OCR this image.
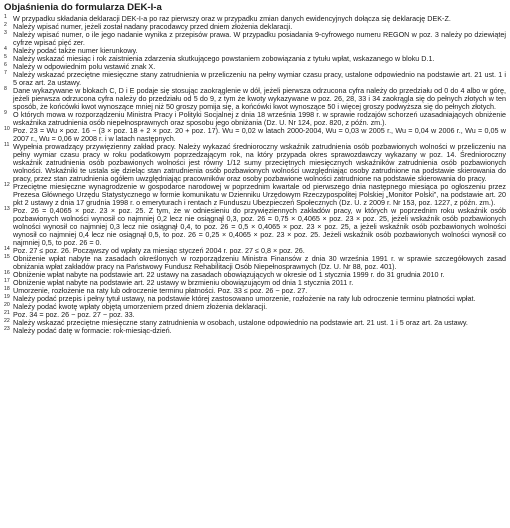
Objaśnienia do formularza DEK-I-a

1 W przypadku składania deklaracji DEK-I-a po raz pierwszy oraz w przypadku zmian danych ewidencyjnych dołącza się deklarację DEK-Z.

2 Należy wpisać numer, jeżeli został nadany pracodawcy przed dniem złożenia deklaracji.

3 Należy wpisać numer, o ile jego nadanie wynika z przepisów prawa. W przypadku posiadania 9-cyfrowego numeru REGON w poz. 3 należy po dziewiątej cyfrze wpisać pięć zer.

4 Należy podać także numer kierunkowy.

5 Należy wskazać miesiąc i rok zaistnienia zdarzenia skutkującego powstaniem zobowiązania z tytułu wpłat, wskazanego w bloku D.1.

6 Należy w odpowiednim polu wstawić znak X.

7 Należy wskazać przeciętne miesięczne stany zatrudnienia w przeliczeniu na pełny wymiar czasu pracy, ustalone odpowiednio na podstawie art. 21 ust. 1 i 5 oraz art. 2a ustawy.

8 Dane wykazywane w blokach C, D i E podaje się stosując zaokrąglenie w dół, jeżeli pierwsza odrzucona cyfra należy do przedziału od 0 do 4 albo w górę, jeżeli pierwsza odrzucona cyfra należy do przedziału od 5 do 9, z tym że kwoty wykazywane w poz. 26, 28, 33 i 34 zaokrągla się do pełnych złotych w ten sposób, że końcówki kwot wynoszące mniej niż 50 groszy pomija się, a końcówki kwot wynoszące 50 i więcej groszy podwyższa się do pełnych złotych.

9 O których mowa w rozporządzeniu Ministra Pracy i Polityki Socjalnej z dnia 18 września 1998 r. w sprawie rodzajów schorzeń uzasadniających obniżenie wskaźnika zatrudnienia osób niepełnosprawnych oraz sposobu jego obniżania (Dz. U. Nr 124, poz. 820, z późn. zm.).

10 Poz. 23 = Wu × poz. 16 − (3 × poz. 18 + 2 × poz. 20 + poz. 17). Wu = 0,02 w latach 2000-2004, Wu = 0,03 w 2005 r., Wu = 0,04 w 2006 r., Wu = 0,05 w 2007 r., Wu = 0,06 w 2008 r. i w latach następnych.

11 Wypełnia prowadzący przywięzienny zakład pracy. Należy wykazać średnioroczny wskaźnik zatrudnienia osób pozbawionych wolności w przeliczeniu na pełny wymiar czasu pracy w roku podatkowym poprzedzającym rok, na który przypada okres sprawozdawczy wykazany w poz. 14. Średnioroczny wskaźnik zatrudnienia osób pozbawionych wolności jest równy 1/12 sumy przeciętnych miesięcznych wskaźników zatrudnienia osób pozbawionych wolności. Wskaźniki te ustala się dzieląc stan zatrudnienia osób pozbawionych wolności uwzględniając osoby zatrudnione na podstawie skierowania do pracy, przez stan zatrudnienia ogółem uwzględniając pracowników oraz osoby pozbawione wolności zatrudnione na podstawie skierowania do pracy.

12 Przeciętne miesięczne wynagrodzenie w gospodarce narodowej w poprzednim kwartale od pierwszego dnia następnego miesiąca po ogłoszeniu przez Prezesa Głównego Urzędu Statystycznego w formie komunikatu w Dzienniku Urzędowym Rzeczypospolitej Polskiej „Monitor Polski”, na podstawie art. 20 pkt 2 ustawy z dnia 17 grudnia 1998 r. o emeryturach i rentach z Funduszu Ubezpieczeń Społecznych (Dz. U. z 2009 r. Nr 153, poz. 1227, z późn. zm.).

13 Poz. 26 = 0,4065 × poz. 23 × poz. 25. Z tym, że w odniesieniu do przywięziennych zakładów pracy, w których w poprzednim roku wskaźnik osób pozbawionych wolności wynosił co najmniej 0,2 lecz nie osiągnął 0,3, poz. 26 = 0,75 × 0,4065 × poz. 23 × poz. 25, jeżeli wskaźnik osób pozbawionych wolności wynosił co najmniej 0,3 lecz nie osiągnął 0,4, to poz. 26 = 0,5 × 0,4065 × poz. 23 × poz. 25, a jeżeli wskaźnik osób pozbawionych wolności wynosił co najmniej 0,4 lecz nie osiągnął 0,5, to poz. 26 = 0,25 × 0,4065 × poz. 23 × poz. 25. Jeżeli wskaźnik osób pozbawionych wolności wynosił co najmniej 0,5, to poz. 26 = 0.

14 Poz. 27 ≤ poz. 26. Począwszy od wpłaty za miesiąc styczeń 2004 r. poz. 27 ≤ 0,8 × poz. 26.

15 Obniżenie wpłat nabyte na zasadach określonych w rozporządzeniu Ministra Finansów z dnia 30 września 1991 r. w sprawie szczegółowych zasad obniżania wpłat zakładów pracy na Państwowy Fundusz Rehabilitacji Osób Niepełnosprawnych (Dz. U. Nr 88, poz. 401).

16 Obniżenie wpłat nabyte na podstawie art. 22 ustawy na zasadach obowiązujących w okresie od 1 stycznia 1999 r. do 31 grudnia 2010 r.

17 Obniżenie wpłat nabyte na podstawie art. 22 ustawy w brzmieniu obowiązującym od dnia 1 stycznia 2011 r.

18 Umorzenie, rozłożenie na raty lub odroczenie terminu płatności. Poz. 33 ≤ poz. 26 − poz. 27.

19 Należy podać przepis i pełny tytuł ustawy, na podstawie której zastosowano umorzenie, rozłożenie na raty lub odroczenie terminu płatności wpłat.

20 Należy podać kwotę wpłaty objętą umorzeniem przed dniem złożenia deklaracji.

21 Poz. 34 = poz. 26 − poz. 27 − poz. 33.

22 Należy wskazać przeciętne miesięczne stany zatrudnienia w osobach, ustalone odpowiednio na podstawie art. 21 ust. 1 i 5 oraz art. 2a ustawy.

23 Należy podać datę w formacie: rok-miesiąc-dzień.
